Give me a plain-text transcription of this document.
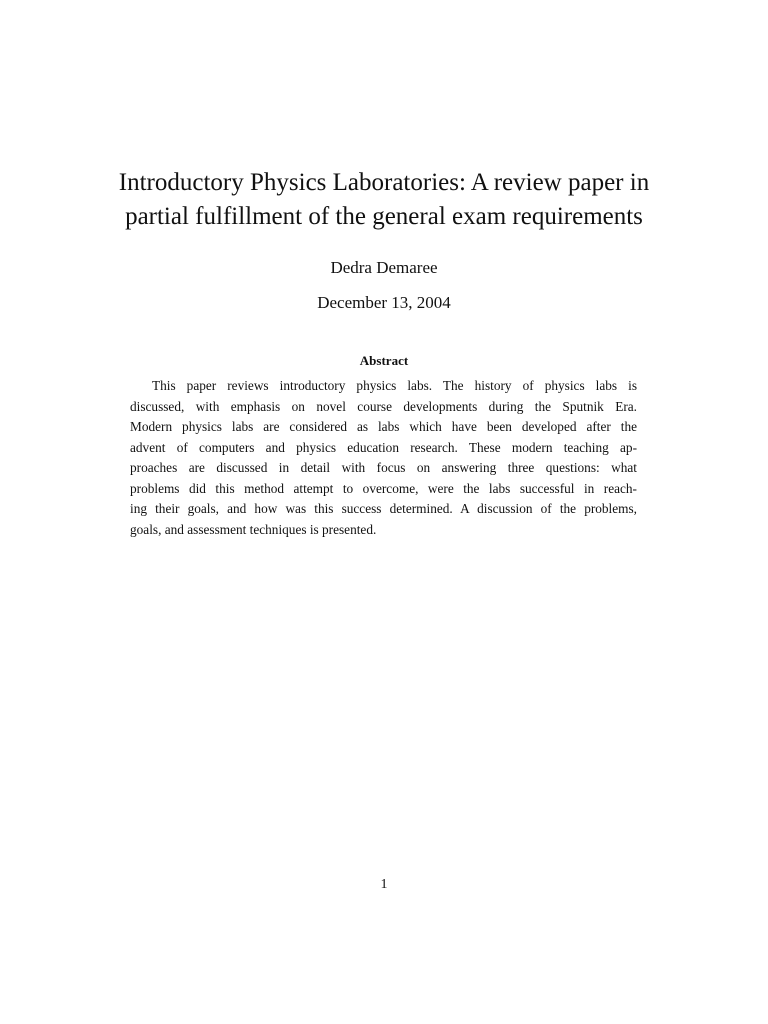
Introductory Physics Laboratories: A review paper in
partial fulfillment of the general exam requirements
Dedra Demaree
December 13, 2004
Abstract
This paper reviews introductory physics labs. The history of physics labs is
discussed, with emphasis on novel course developments during the Sputnik Era.
Modern physics labs are considered as labs which have been developed after the
advent of computers and physics education research. These modern teaching ap-
proaches are discussed in detail with focus on answering three questions: what
problems did this method attempt to overcome, were the labs successful in reach-
ing their goals, and how was this success determined. A discussion of the problems,
goals, and assessment techniques is presented.
1
